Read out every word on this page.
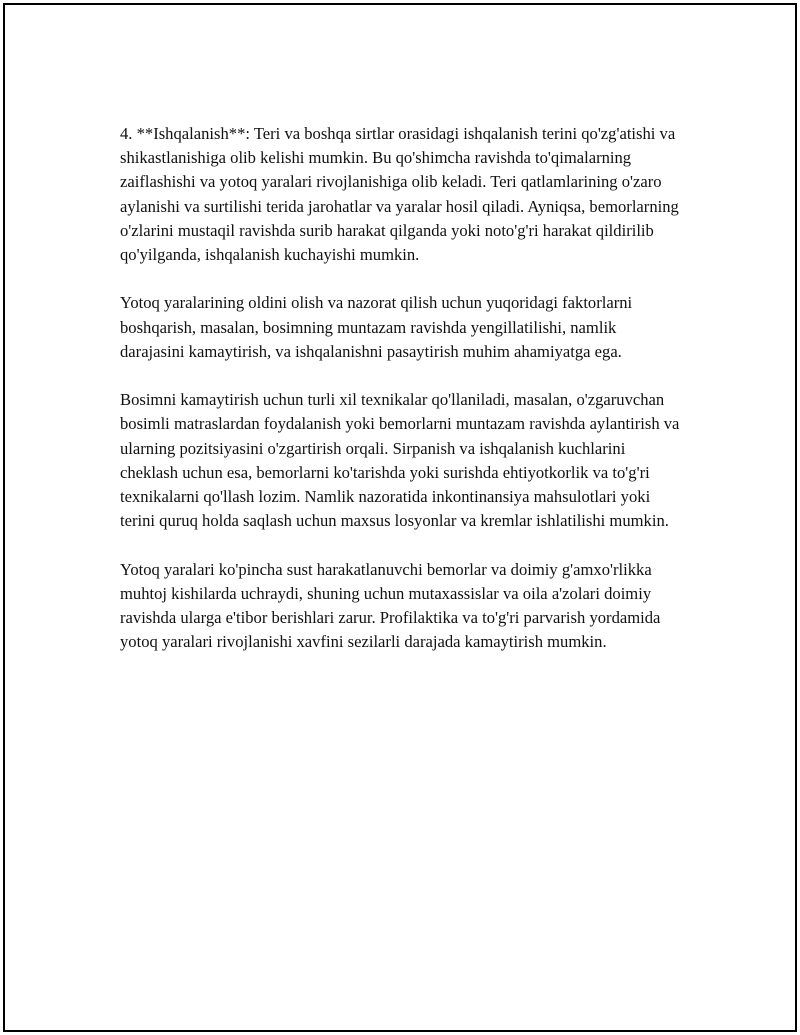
4. **Ishqalanish**: Teri va boshqa sirtlar orasidagi ishqalanish terini qo'zg'atishi va shikastlanishiga olib kelishi mumkin. Bu qo'shimcha ravishda to'qimalarning zaiflashishi va yotoq yaralari rivojlanishiga olib keladi. Teri qatlamlarining o'zaro aylanishi va surtilishi terida jarohatlar va yaralar hosil qiladi. Ayniqsa, bemorlarning o'zlarini mustaqil ravishda surib harakat qilganda yoki noto'g'ri harakat qildirilib qo'yilganda, ishqalanish kuchayishi mumkin.

Yotoq yaralarining oldini olish va nazorat qilish uchun yuqoridagi faktorlarni boshqarish, masalan, bosimning muntazam ravishda yengillatilishi, namlik darajasini kamaytirish, va ishqalanishni pasaytirish muhim ahamiyatga ega.

Bosimni kamaytirish uchun turli xil texnikalar qo'llaniladi, masalan, o'zgaruvchan bosimli matraslardan foydalanish yoki bemorlarni muntazam ravishda aylantirish va ularning pozitsiyasini o'zgartirish orqali. Sirpanish va ishqalanish kuchlarini cheklash uchun esa, bemorlarni ko'tarishda yoki surishda ehtiyotkorlik va to'g'ri texnikalarni qo'llash lozim. Namlik nazoratida inkontinansiya mahsulotlari yoki terini quruq holda saqlash uchun maxsus losyonlar va kremlar ishlatilishi mumkin.

Yotoq yaralari ko'pincha sust harakatlanuvchi bemorlar va doimiy g'amxo'rlikka muhtoj kishilarda uchraydi, shuning uchun mutaxassislar va oila a'zolari doimiy ravishda ularga e'tibor berishlari zarur. Profilaktika va to'g'ri parvarish yordamida yotoq yaralari rivojlanishi xavfini sezilarli darajada kamaytirish mumkin.
